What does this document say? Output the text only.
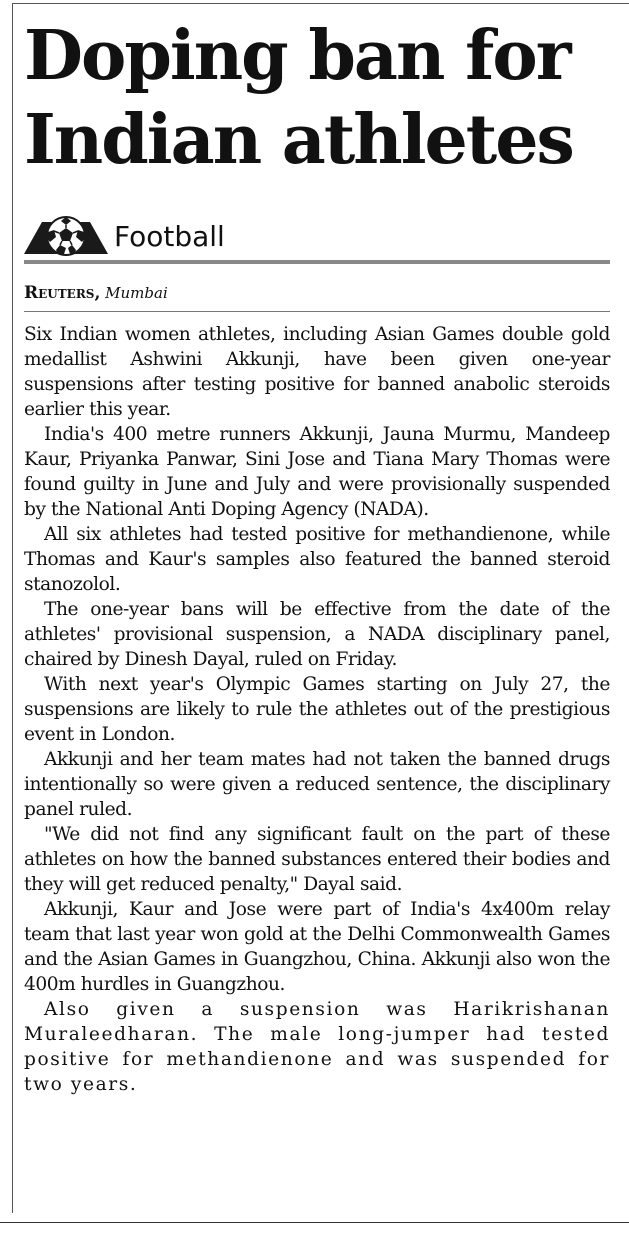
Doping ban for Indian athletes
Football
Reuters, Mumbai

Six Indian women athletes, including Asian Games double gold medallist Ashwini Akkunji, have been given one-year suspensions after testing positive for banned anabolic steroids earlier this year.

India's 400 metre runners Akkunji, Jauna Murmu, Mandeep Kaur, Priyanka Panwar, Sini Jose and Tiana Mary Thomas were found guilty in June and July and were provisionally suspended by the National Anti Doping Agency (NADA).

All six athletes had tested positive for methandienone, while Thomas and Kaur's samples also featured the banned steroid stanozolol.

The one-year bans will be effective from the date of the athletes' provisional suspension, a NADA disciplinary panel, chaired by Dinesh Dayal, ruled on Friday.

With next year's Olympic Games starting on July 27, the suspensions are likely to rule the athletes out of the prestigious event in London.

Akkunji and her team mates had not taken the banned drugs intentionally so were given a reduced sentence, the disciplinary panel ruled.

"We did not find any significant fault on the part of these athletes on how the banned substances entered their bodies and they will get reduced penalty," Dayal said.

Akkunji, Kaur and Jose were part of India's 4x400m relay team that last year won gold at the Delhi Commonwealth Games and the Asian Games in Guangzhou, China. Akkunji also won the 400m hurdles in Guangzhou.

Also given a suspension was Harikrishanan Muraleedharan. The male long-jumper had tested positive for methandienone and was suspended for two years.
